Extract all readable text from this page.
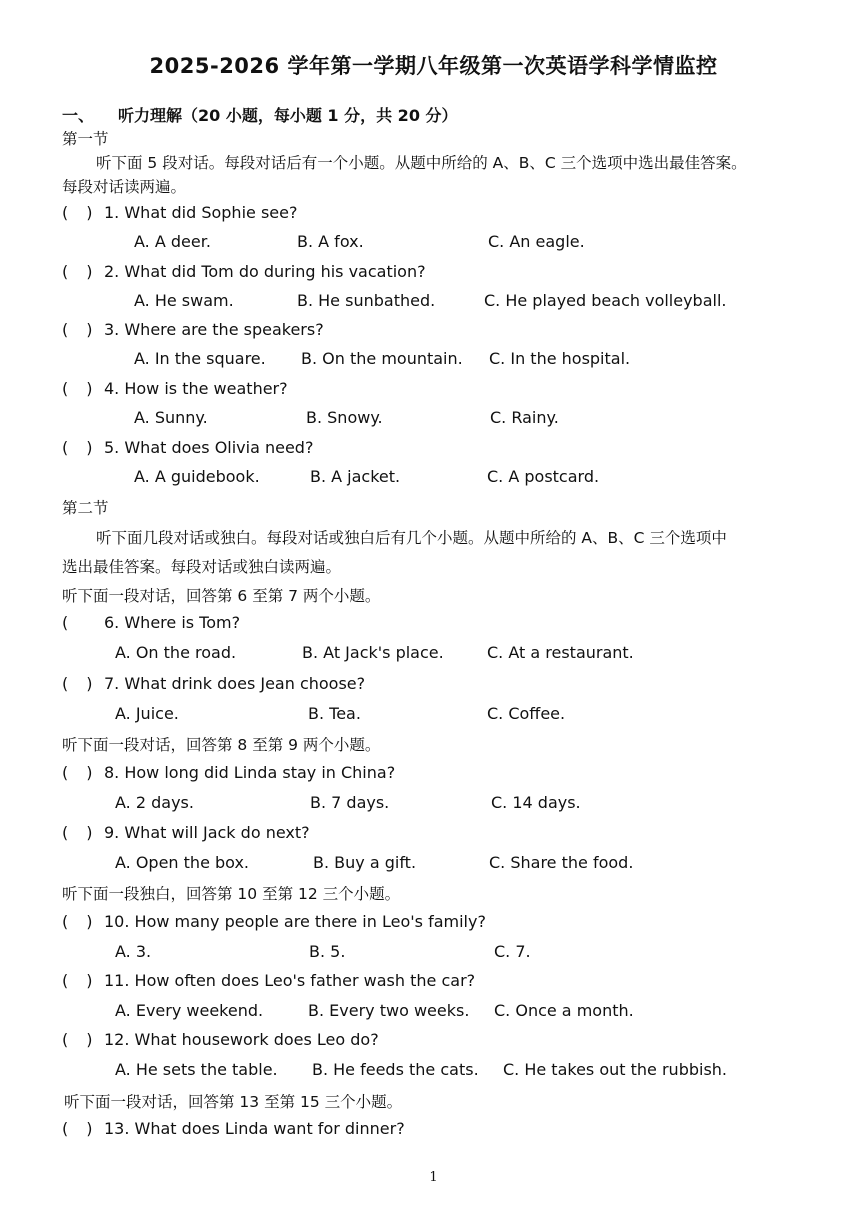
2025-2026 学年第一学期八年级第一次英语学科学情监控
一、 听力理解（20 小题，每小题 1 分，共 20 分）
第一节
听下面 5 段对话。每段对话后有一个小题。从题中所给的 A、B、C 三个选项中选出最佳答案。
每段对话读两遍。
( ) 1. What did Sophie see?
A. A deer.	B. A fox.	C. An eagle.
( ) 2. What did Tom do during his vacation?
A. He swam.	B. He sunbathed.	C. He played beach volleyball.
( ) 3. Where are the speakers?
A. In the square. B. On the mountain. C. In the hospital.
( ) 4. How is the weather?
A. Sunny.	B. Snowy.	C. Rainy.
( ) 5. What does Olivia need?
A. A guidebook.	B. A jacket.	C. A postcard.
第二节
听下面几段对话或独白。每段对话或独白后有几个小题。从题中所给的 A、B、C 三个选项中
选出最佳答案。每段对话或独白读两遍。
听下面一段对话，回答第 6 至第 7 两个小题。
( 6. Where is Tom?
A. On the road.	B. At Jack's place.	C. At a restaurant.
( ) 7. What drink does Jean choose?
A. Juice.	B. Tea.	C. Coffee.
听下面一段对话，回答第 8 至第 9 两个小题。
( ) 8. How long did Linda stay in China?
A. 2 days.	B. 7 days.	C. 14 days.
( ) 9. What will Jack do next?
A. Open the box.	B. Buy a gift.	C. Share the food.
听下面一段独白，回答第 10 至第 12 三个小题。
( ) 10. How many people are there in Leo's family?
A. 3.	B. 5.	C. 7.
( ) 11. How often does Leo's father wash the car?
A. Every weekend.	B. Every two weeks. C. Once a month.
( ) 12. What housework does Leo do?
A. He sets the table. B. He feeds the cats. C. He takes out the rubbish.
听下面一段对话，回答第 13 至第 15 三个小题。
( ) 13. What does Linda want for dinner?
1
